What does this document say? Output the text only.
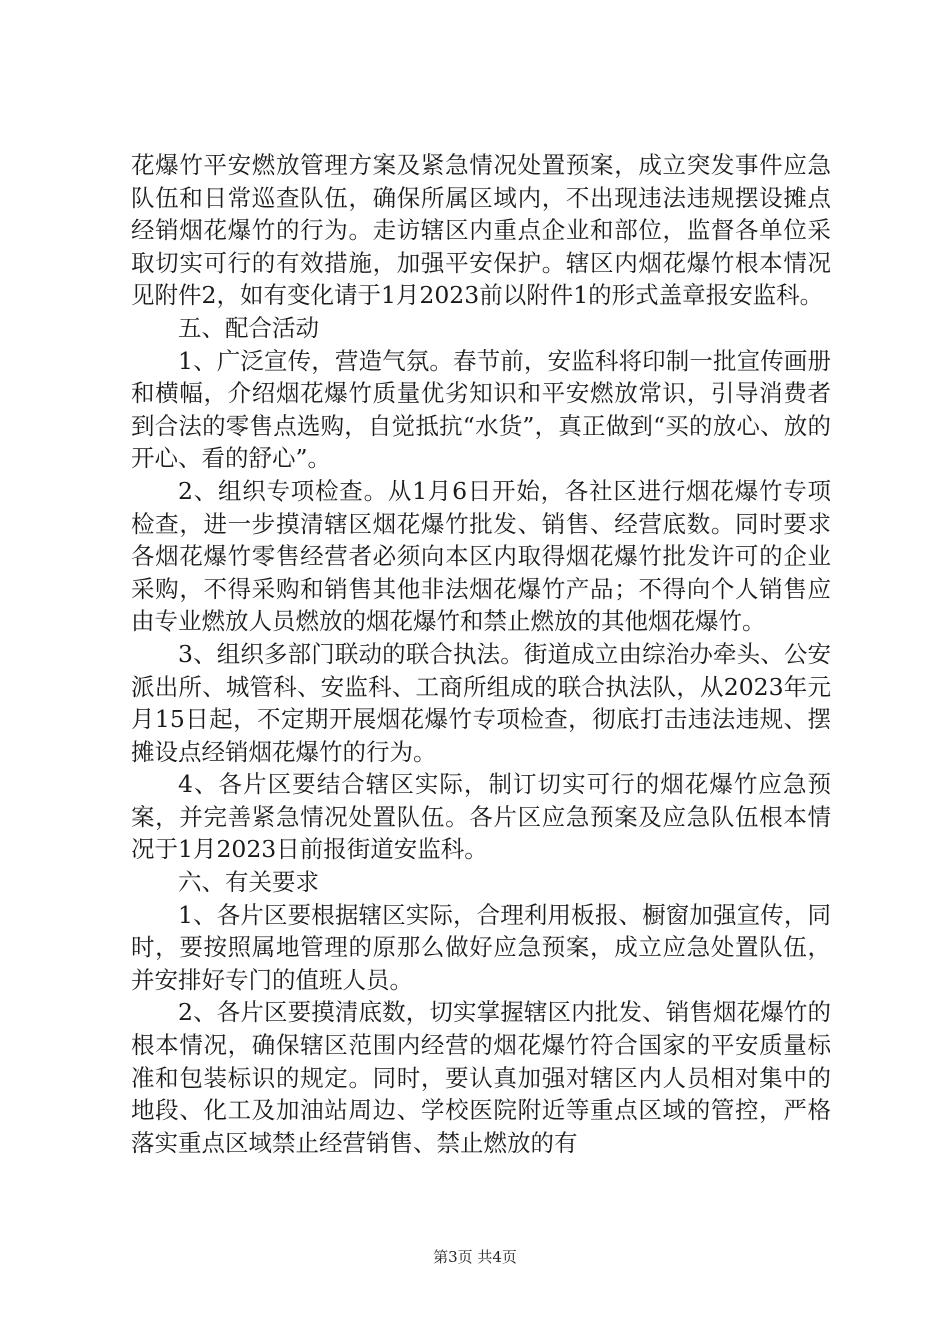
花爆竹平安燃放管理方案及紧急情况处置预案，成立突发事件应急队伍和日常巡查队伍，确保所属区域内，不出现违法违规摆设摊点经销烟花爆竹的行为。走访辖区内重点企业和部位，监督各单位采取切实可行的有效措施，加强平安保护。辖区内烟花爆竹根本情况见附件2，如有变化请于1月2023前以附件1的形式盖章报安监科。

五、配合活动

1、广泛宣传，营造气氛。春节前，安监科将印制一批宣传画册和横幅，介绍烟花爆竹质量优劣知识和平安燃放常识，引导消费者到合法的零售点选购，自觉抵抗“水货”，真正做到“买的放心、放的开心、看的舒心”。

2、组织专项检查。从1月6日开始，各社区进行烟花爆竹专项检查，进一步摸清辖区烟花爆竹批发、销售、经营底数。同时要求各烟花爆竹零售经营者必须向本区内取得烟花爆竹批发许可的企业采购，不得采购和销售其他非法烟花爆竹产品；不得向个人销售应由专业燃放人员燃放的烟花爆竹和禁止燃放的其他烟花爆竹。

3、组织多部门联动的联合执法。街道成立由综治办牵头、公安派出所、城管科、安监科、工商所组成的联合执法队，从2023年元月15日起，不定期开展烟花爆竹专项检查，彻底打击违法违规、摆摊设点经销烟花爆竹的行为。

4、各片区要结合辖区实际，制订切实可行的烟花爆竹应急预案，并完善紧急情况处置队伍。各片区应急预案及应急队伍根本情况于1月2023日前报街道安监科。

六、有关要求

1、各片区要根据辖区实际，合理利用板报、橱窗加强宣传，同时，要按照属地管理的原那么做好应急预案，成立应急处置队伍，并安排好专门的值班人员。

2、各片区要摸清底数，切实掌握辖区内批发、销售烟花爆竹的根本情况，确保辖区范围内经营的烟花爆竹符合国家的平安质量标准和包装标识的规定。同时，要认真加强对辖区内人员相对集中的地段、化工及加油站周边、学校医院附近等重点区域的管控，严格落实重点区域禁止经营销售、禁止燃放的有

第3页 共4页
